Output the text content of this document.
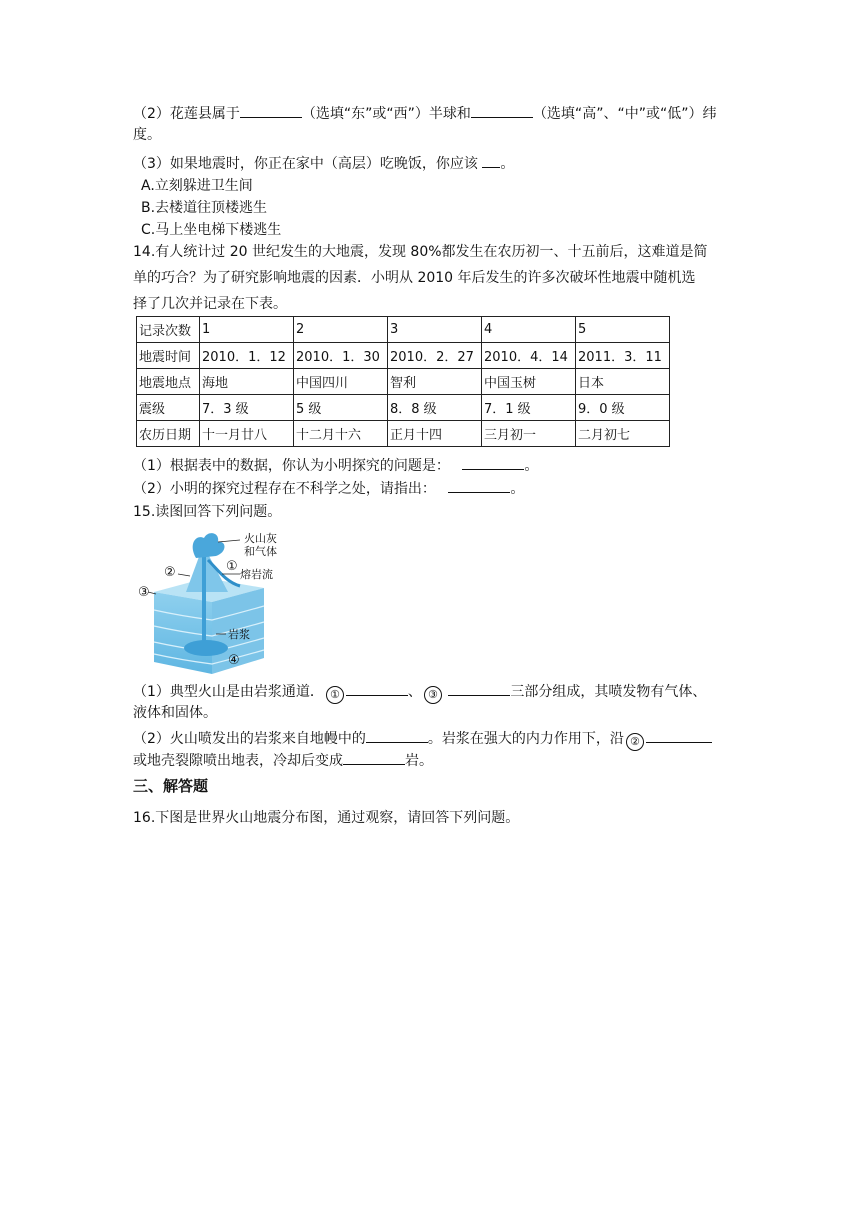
（2）花莲县属于	（选填“东”或“西”）半球和	（选填“高”、“中”或“低”）纬
度。
（3）如果地震时，你正在家中（高层）吃晚饭，你应该 。
A.立刻躲进卫生间
B.去楼道往顶楼逃生
C.马上坐电梯下楼逃生
14.有人统计过 20 世纪发生的大地震，发现 80%都发生在农历初一、十五前后，这难道是简
单的巧合？为了研究影响地震的因素．小明从 2010 年后发生的许多次破坏性地震中随机选
择了几次并记录在下表。
记录次数	1	2	3	4	5
地震时间	2010．1．12	2010．1．30	2010．2．27	2010．4．14	2011．3．11
地震地点	海地	中国四川	智利	中国玉树	日本
震级	7．3 级	5 级	8．8 级	7．1 级	9．0 级
农历日期	十一月廿八	十二月十六	正月十四	三月初一	二月初七
（1）根据表中的数据，你认为小明探究的问题是：	。
（2）小明的探究过程存在不科学之处，请指出：	。
15.读图回答下列问题。
火山灰
和气体
熔岩流
岩浆
①
②
③
④
（1）典型火山是由岩浆通道． ①	、 ③	三部分组成，其喷发物有气体、
液体和固体。
（2）火山喷发出的岩浆来自地幔中的	。岩浆在强大的内力作用下，沿 ②
或地壳裂隙喷出地表，冷却后变成	岩。
三、解答题
16.下图是世界火山地震分布图，通过观察，请回答下列问题。
